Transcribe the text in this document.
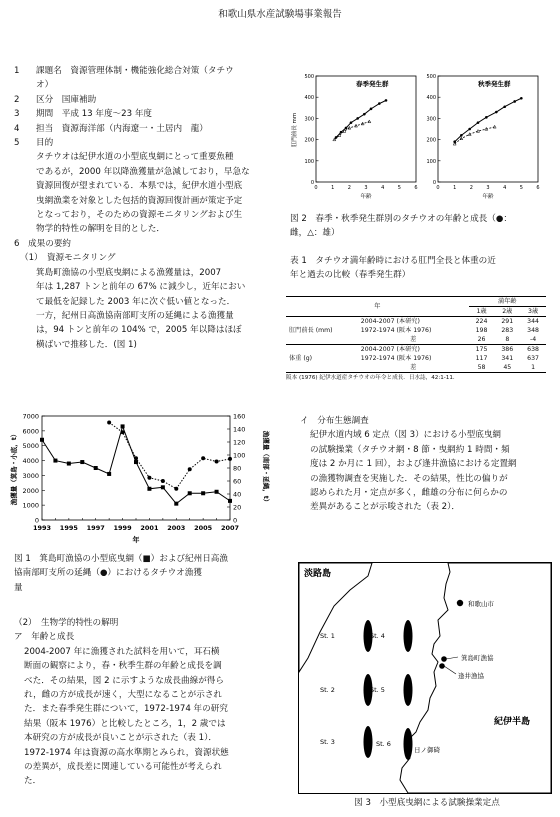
和歌山県水産試験場事業報告
1 課題名　資源管理体制・機能強化総合対策（タチウ
オ）
2 区分　国庫補助
3 期間　平成 13 年度～23 年度
4 担当　資源海洋部（内海遼一・土居内　龍）
5 目的
タチウオは紀伊水道の小型底曳網にとって重要魚種
であるが，2000 年以降漁獲量が急減しており，早急な
資源回復が望まれている．本県では，紀伊水道小型底
曳網漁業を対象とした包括的資源回復計画が策定予定
となっており，そのための資源モニタリングおよび生
物学的特性の解明を目的とした．
6　成果の要約
（1）　資源モニタリング
箕島町漁協の小型底曳網による漁獲量は，2007
年は 1,287 トンと前年の 67% に減少し，近年におい
て最低を記録した 2003 年に次ぐ低い値となった．
一方，紀州日高漁協南部町支所の延縄による漁獲量
は，94 トンと前年の 104% で，2005 年以降はほぼ
横ばいで推移した．(図 1)
7000
6000
5000
4000
3000
2000
1000
0
160
140
120
100
80
60
40
20
0
1993 1995 1997 1999 2001 2003 2005 2007
年
漁獲量（箕島・小底，t）	漁獲量（南部・延縄，t）
図 1　箕島町漁協の小型底曳網（■）および紀州日高漁
協南部町支所の延縄（●）におけるタチウオ漁獲
量
（2）　生物学的特性の解明
ア　年齢と成長
2004-2007 年に漁獲された試料を用いて，耳石横
断面の観察により，春・秋季生群の年齢と成長を調
べた．その結果，図 2 に示すような成長曲線が得ら
れ，雌の方が成長が速く，大型になることが示され
た．また春季発生群について，1972-1974 年の研究
結果（阪本 1976）と比較したところ，1，2 歳では
本研究の方が成長が良いことが示された（表 1）．
1972-1974 年は資源の高水準期とみられ，資源状態
の差異が，成長差に関連している可能性が考えられ
た．
春季発生群
500
400
300
200
100
0
0	1	2	3	4	5	6
年齢
秋季発生群
500
400
300
200
100
0
0	1	2	3	4	5	6
年齢
肛門前長 mm
図 2　春季・秋季発生群別のタチウオの年齢と成長（●：
雌，△：雄）
表 1　タチウオ満年齢時における肛門全長と体重の近
年と過去の比較（春季発生群）
年		満年齢		
		1歳	2歳	3歳
肛門前長 (mm)	2004-2007 (本研究)	224	291	344
	1972-1974 (阪本 1976)	198	283	348
	差	26	8	-4
体重 (g)	2004-2007 (本研究)	175	386	638
	1972-1974 (阪本 1976)	117	341	637
	差	58	45	1
阪本 (1976) 紀伊水道産タチウオの年令と成長．日水誌，42:1-11．
イ　分布生態調査
紀伊水道内域 6 定点（図 3）における小型底曳網
の試験操業（タチウオ網・8 節・曳網約 1 時間・頻
度は 2 か月に 1 回），および逢井漁協における定置網
の漁獲物調査を実施した．その結果，性比の偏りが
認められた月・定点が多く，雌雄の分布に何らかの
差異があることが示唆された（表 2）．
St. 1
St. 2
St. 3
St. 4
St. 5
St. 6
淡路島
和歌山市
箕島町漁協
逢井漁協
紀伊半島
日ノ御碕
図 3　小型底曳網による試験操業定点
